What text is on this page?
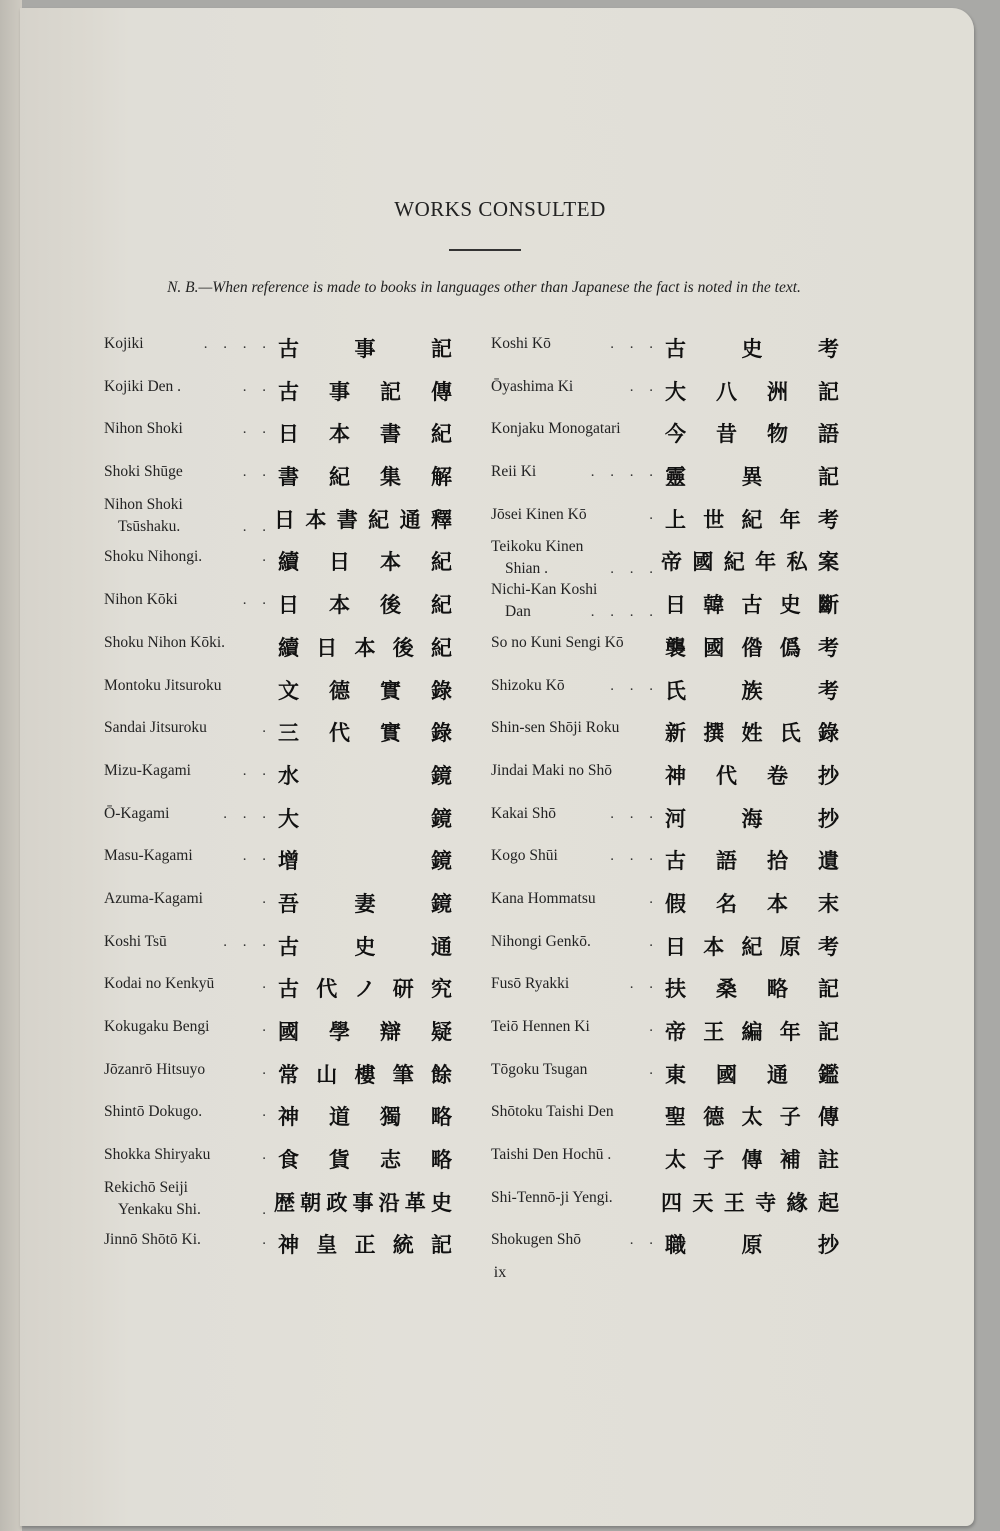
WORKS CONSULTED
N. B.—When reference is made to books in languages other than Japanese the fact is noted in the text.
Kojiki	. . . . 古	事	記
Kojiki Den .	. . 古 事 記 傳
Nihon Shoki	. . 日 本 書 紀
Shoki Shūge	. . 書 紀 集 解
Nihon Shoki
Tsūshaku.	. . 日 本 書 紀 通 釋
Shoku Nihongi.	. 續 日 本 紀
Nihon Kōki	. . 日 本 後 紀
Shoku Nihon Kōki.	續 日 本 後 紀
Montoku Jitsuroku	文 德 實 錄
Sandai Jitsuroku	. 三 代 實 錄
Mizu-Kagami	. . 水	鏡
Ō-Kagami	. . . 大	鏡
Masu-Kagami	. . 增	鏡
Azuma-Kagami	. 吾	妻	鏡
Koshi Tsū	. . . 古	史	通
Kodai no Kenkyū	. 古 代 ノ 研 究
Kokugaku Bengi	. 國 學 辯 疑
Jōzanrō Hitsuyo	. 常 山 樓 筆 餘
Shintō Dokugo.	. 神 道 獨 略
Shokka Shiryaku	. 食 貨 志 略
Rekichō Seiji
Yenkaku Shi.	. 歴 朝 政 事 沿 革 史
Jinnō Shōtō Ki.	. 神 皇 正 統 記
Koshi Kō	. . . 古	史	考
Ōyashima Ki	. . 大 八 洲 記
Konjaku Monogatari 今 昔 物 語
Reii Ki	. . . . 靈	異	記
Jōsei Kinen Kō	. 上 世 紀 年 考
Teikoku Kinen
Shian .	. . . 帝 國 紀 年 私 案
Nichi-Kan Koshi
Dan	. . . . 日 韓 古 史 斷
So no Kuni Sengi Kō 襲 國 偺 僞 考
Shizoku Kō	. . . 氏	族	考
Shin-sen Shōji Roku 新 撰 姓 氏 錄
Jindai Maki no Shō	神 代 卷 抄
Kakai Shō	. . . 河	海	抄
Kogo Shūi	. . . 古 語 拾 遺
Kana Hommatsu	. 假 名 本 末
Nihongi Genkō.	. 日 本 紀 原 考
Fusō Ryakki	. . 扶 桑 略 記
Teiō Hennen Ki	. 帝 王 編 年 記
Tōgoku Tsugan	. 東 國 通 鑑
Shōtoku Taishi Den 聖 德 太 子 傳
Taishi Den Hochū .	太 子 傳 補 註
Shi-Tennō-ji Yengi. 四 天 王 寺 緣 起
Shokugen Shō	. . 職	原	抄
ix
